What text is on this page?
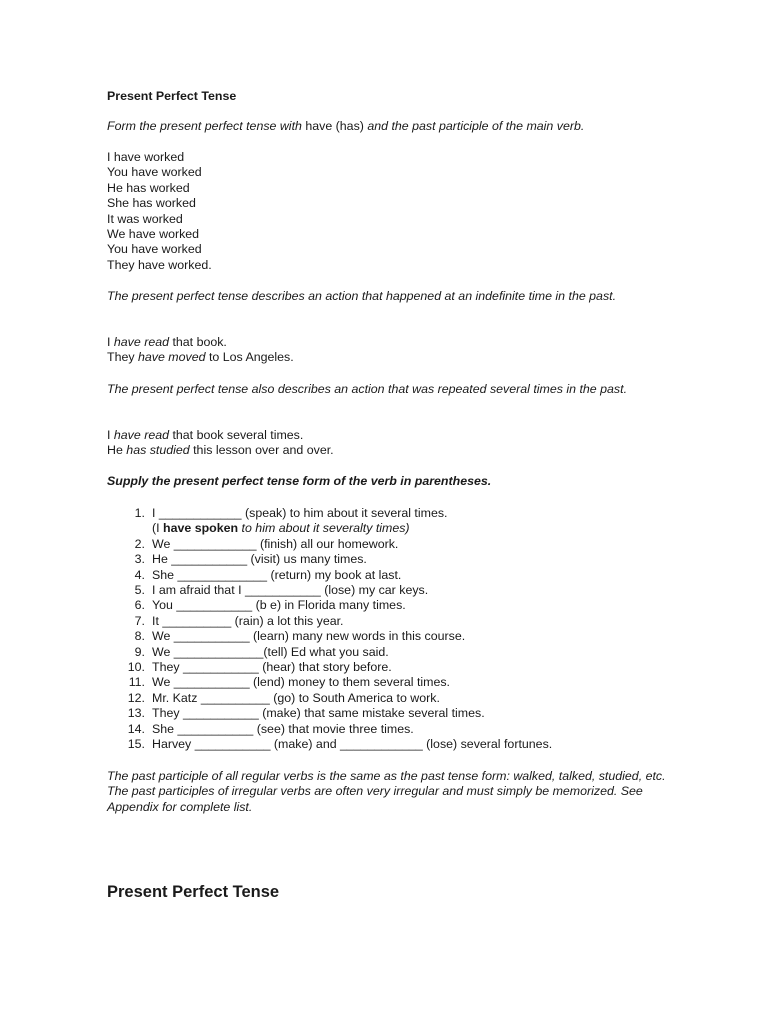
Present Perfect Tense
Form the present perfect tense with have (has) and the past participle of the main verb.
I have worked
You have worked
He has worked
She has worked
It was worked
We have worked
You have worked
They have worked.
The present perfect tense describes an action that happened at an indefinite time in the past.
I have read that book.
They have moved to Los Angeles.
The present perfect tense also describes an action that was repeated several times in the past.
I have read that book several times.
He has studied this lesson over and over.
Supply the present perfect tense form of the verb in parentheses.
1. I ____________ (speak) to him about it several times.
(I have spoken to him about it severalty times)
2. We ____________ (finish) all our homework.
3. He ___________ (visit) us many times.
4. She _____________ (return) my book at last.
5. I am afraid that I ___________ (lose) my car keys.
6. You ___________ (b e) in Florida many times.
7. It __________ (rain) a lot this year.
8. We ___________ (learn) many new words in this course.
9. We _____________(tell) Ed what you said.
10. They ___________ (hear) that story before.
11. We ___________ (lend) money to them several times.
12. Mr. Katz __________ (go) to South America to work.
13. They ___________ (make) that same mistake several times.
14. She ___________ (see) that movie three times.
15. Harvey ___________ (make) and ____________ (lose) several fortunes.
The past participle of all regular verbs is the same as the past tense form: walked, talked, studied, etc. The past participles of irregular verbs are often very irregular and must simply be memorized. See Appendix for complete list.
Present Perfect Tense
